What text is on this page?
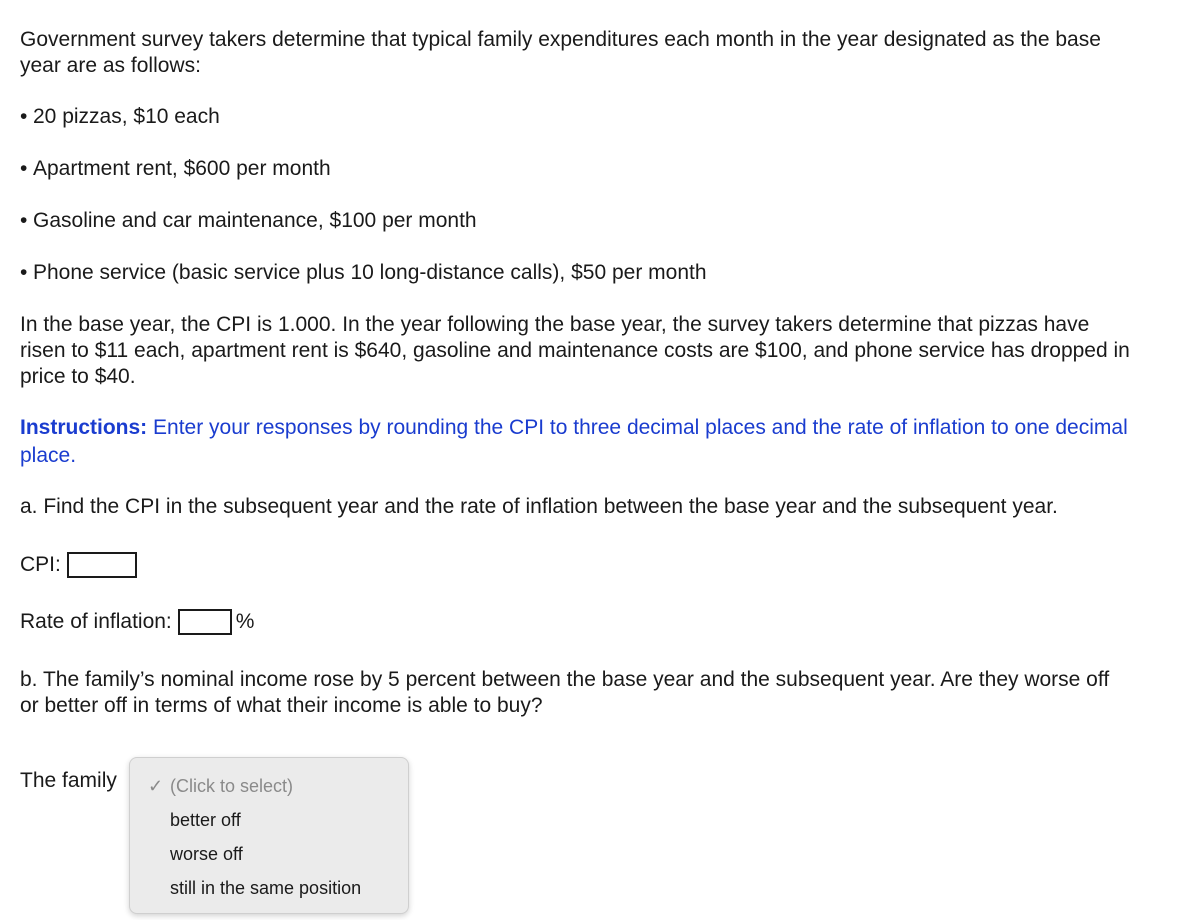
Government survey takers determine that typical family expenditures each month in the year designated as the base year are as follows:

• 20 pizzas, $10 each

• Apartment rent, $600 per month

• Gasoline and car maintenance, $100 per month

• Phone service (basic service plus 10 long-distance calls), $50 per month

In the base year, the CPI is 1.000. In the year following the base year, the survey takers determine that pizzas have risen to $11 each, apartment rent is $640, gasoline and maintenance costs are $100, and phone service has dropped in price to $40.

Instructions: Enter your responses by rounding the CPI to three decimal places and the rate of inflation to one decimal place.

a. Find the CPI in the subsequent year and the rate of inflation between the base year and the subsequent year.

CPI:
Rate of inflation:	%

b. The family’s nominal income rose by 5 percent between the base year and the subsequent year. Are they worse off or better off in terms of what their income is able to buy?

The family ✓ (Click to select)
better off
worse off
still in the same position
